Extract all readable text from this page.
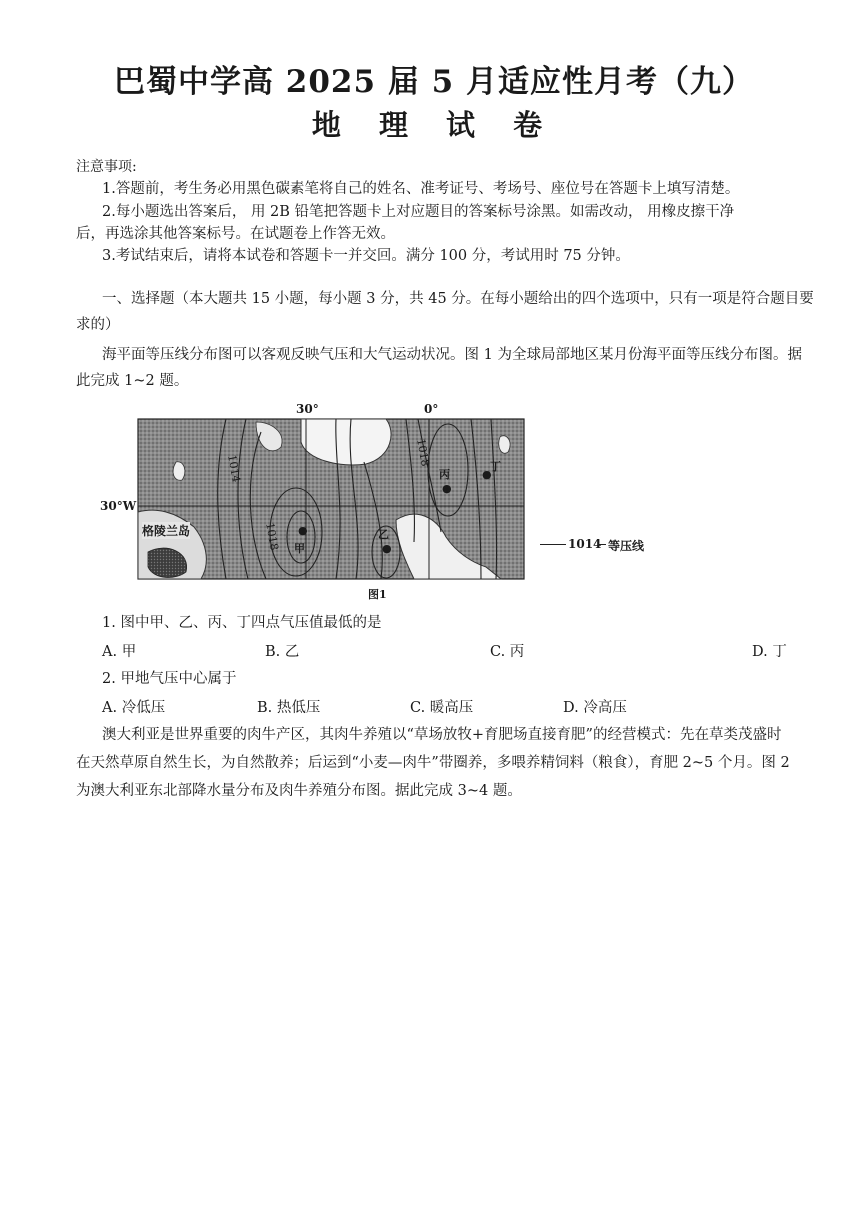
巴蜀中学高 2025 届 5 月适应性月考（九）
地 理 试 卷
注意事项:
1.答题前，考生务必用黑色碳素笔将自己的姓名、准考证号、考场号、座位号在答题卡上填写清楚。
2.每小题选出答案后， 用 2B 铅笔把答题卡上对应题目的答案标号涂黑。如需改动， 用橡皮擦干净
后，再选涂其他答案标号。在试题卷上作答无效。
3.考试结束后，请将本试卷和答题卡一并交回。满分 100 分，考试用时 75 分钟。
一、选择题（本大题共 15 小题，每小题 3 分，共 45 分。在每小题给出的四个选项中，只有一项是符合题目要
求的）
海平面等压线分布图可以客观反映气压和大气运动状况。图 1 为全球局部地区某月份海平面等压线分布图。据
此完成 1~2 题。
30°	0°
30°W
格陵兰岛
1014
1018
1018
●
甲	●
乙
●
丙	●
丁
1014 等压线
图1
1. 图中甲、乙、丙、丁四点气压值最低的是
A. 甲	B. 乙	C. 丙	D. 丁
2. 甲地气压中心属于
A. 冷低压	B. 热低压	C. 暖高压	D. 冷高压
澳大利亚是世界重要的肉牛产区，其肉牛养殖以“草场放牧+育肥场直接育肥”的经营模式：先在草类茂盛时
在天然草原自然生长，为自然散养；后运到“小麦—肉牛”带圈养，多喂养精饲料（粮食），育肥 2~5 个月。图 2
为澳大利亚东北部降水量分布及肉牛养殖分布图。据此完成 3~4 题。
